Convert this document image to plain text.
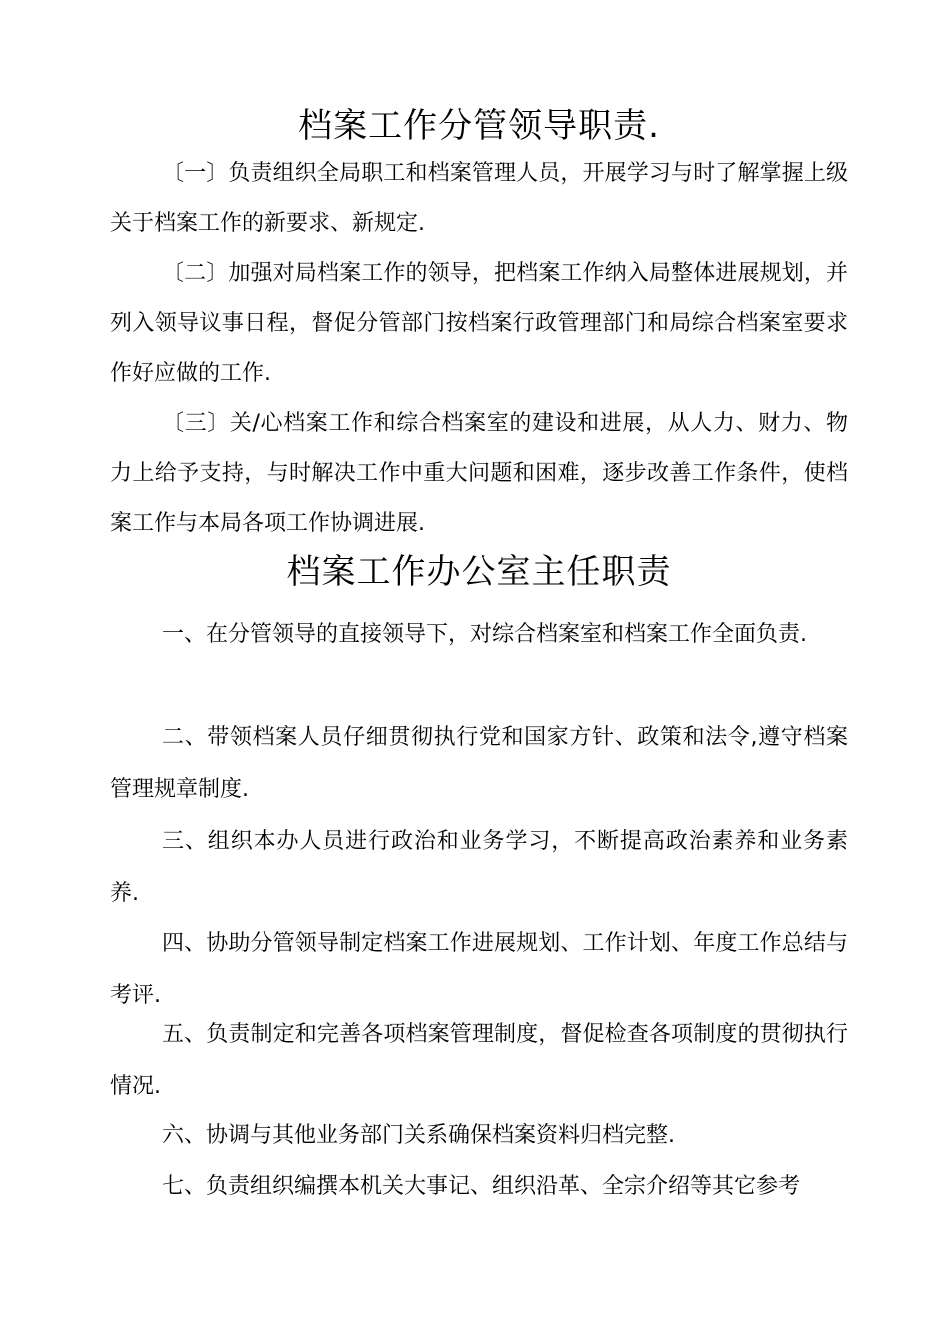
档案工作分管领导职责.
〔一〕负责组织全局职工和档案管理人员，开展学习与时了解掌握上级关于档案工作的新要求、新规定.
〔二〕加强对局档案工作的领导，把档案工作纳入局整体进展规划，并列入领导议事日程，督促分管部门按档案行政管理部门和局综合档案室要求作好应做的工作.
〔三〕关/心档案工作和综合档案室的建设和进展，从人力、财力、物力上给予支持，与时解决工作中重大问题和困难，逐步改善工作条件，使档案工作与本局各项工作协调进展.
档案工作办公室主任职责
一、在分管领导的直接领导下，对综合档案室和档案工作全面负责.
二、带领档案人员仔细贯彻执行党和国家方针、政策和法令,遵守档案管理规章制度.
三、组织本办人员进行政治和业务学习，不断提高政治素养和业务素养.
四、协助分管领导制定档案工作进展规划、工作计划、年度工作总结与考评.
五、负责制定和完善各项档案管理制度，督促检查各项制度的贯彻执行情况.
六、协调与其他业务部门关系确保档案资料归档完整.
七、负责组织编撰本机关大事记、组织沿革、全宗介绍等其它参考
